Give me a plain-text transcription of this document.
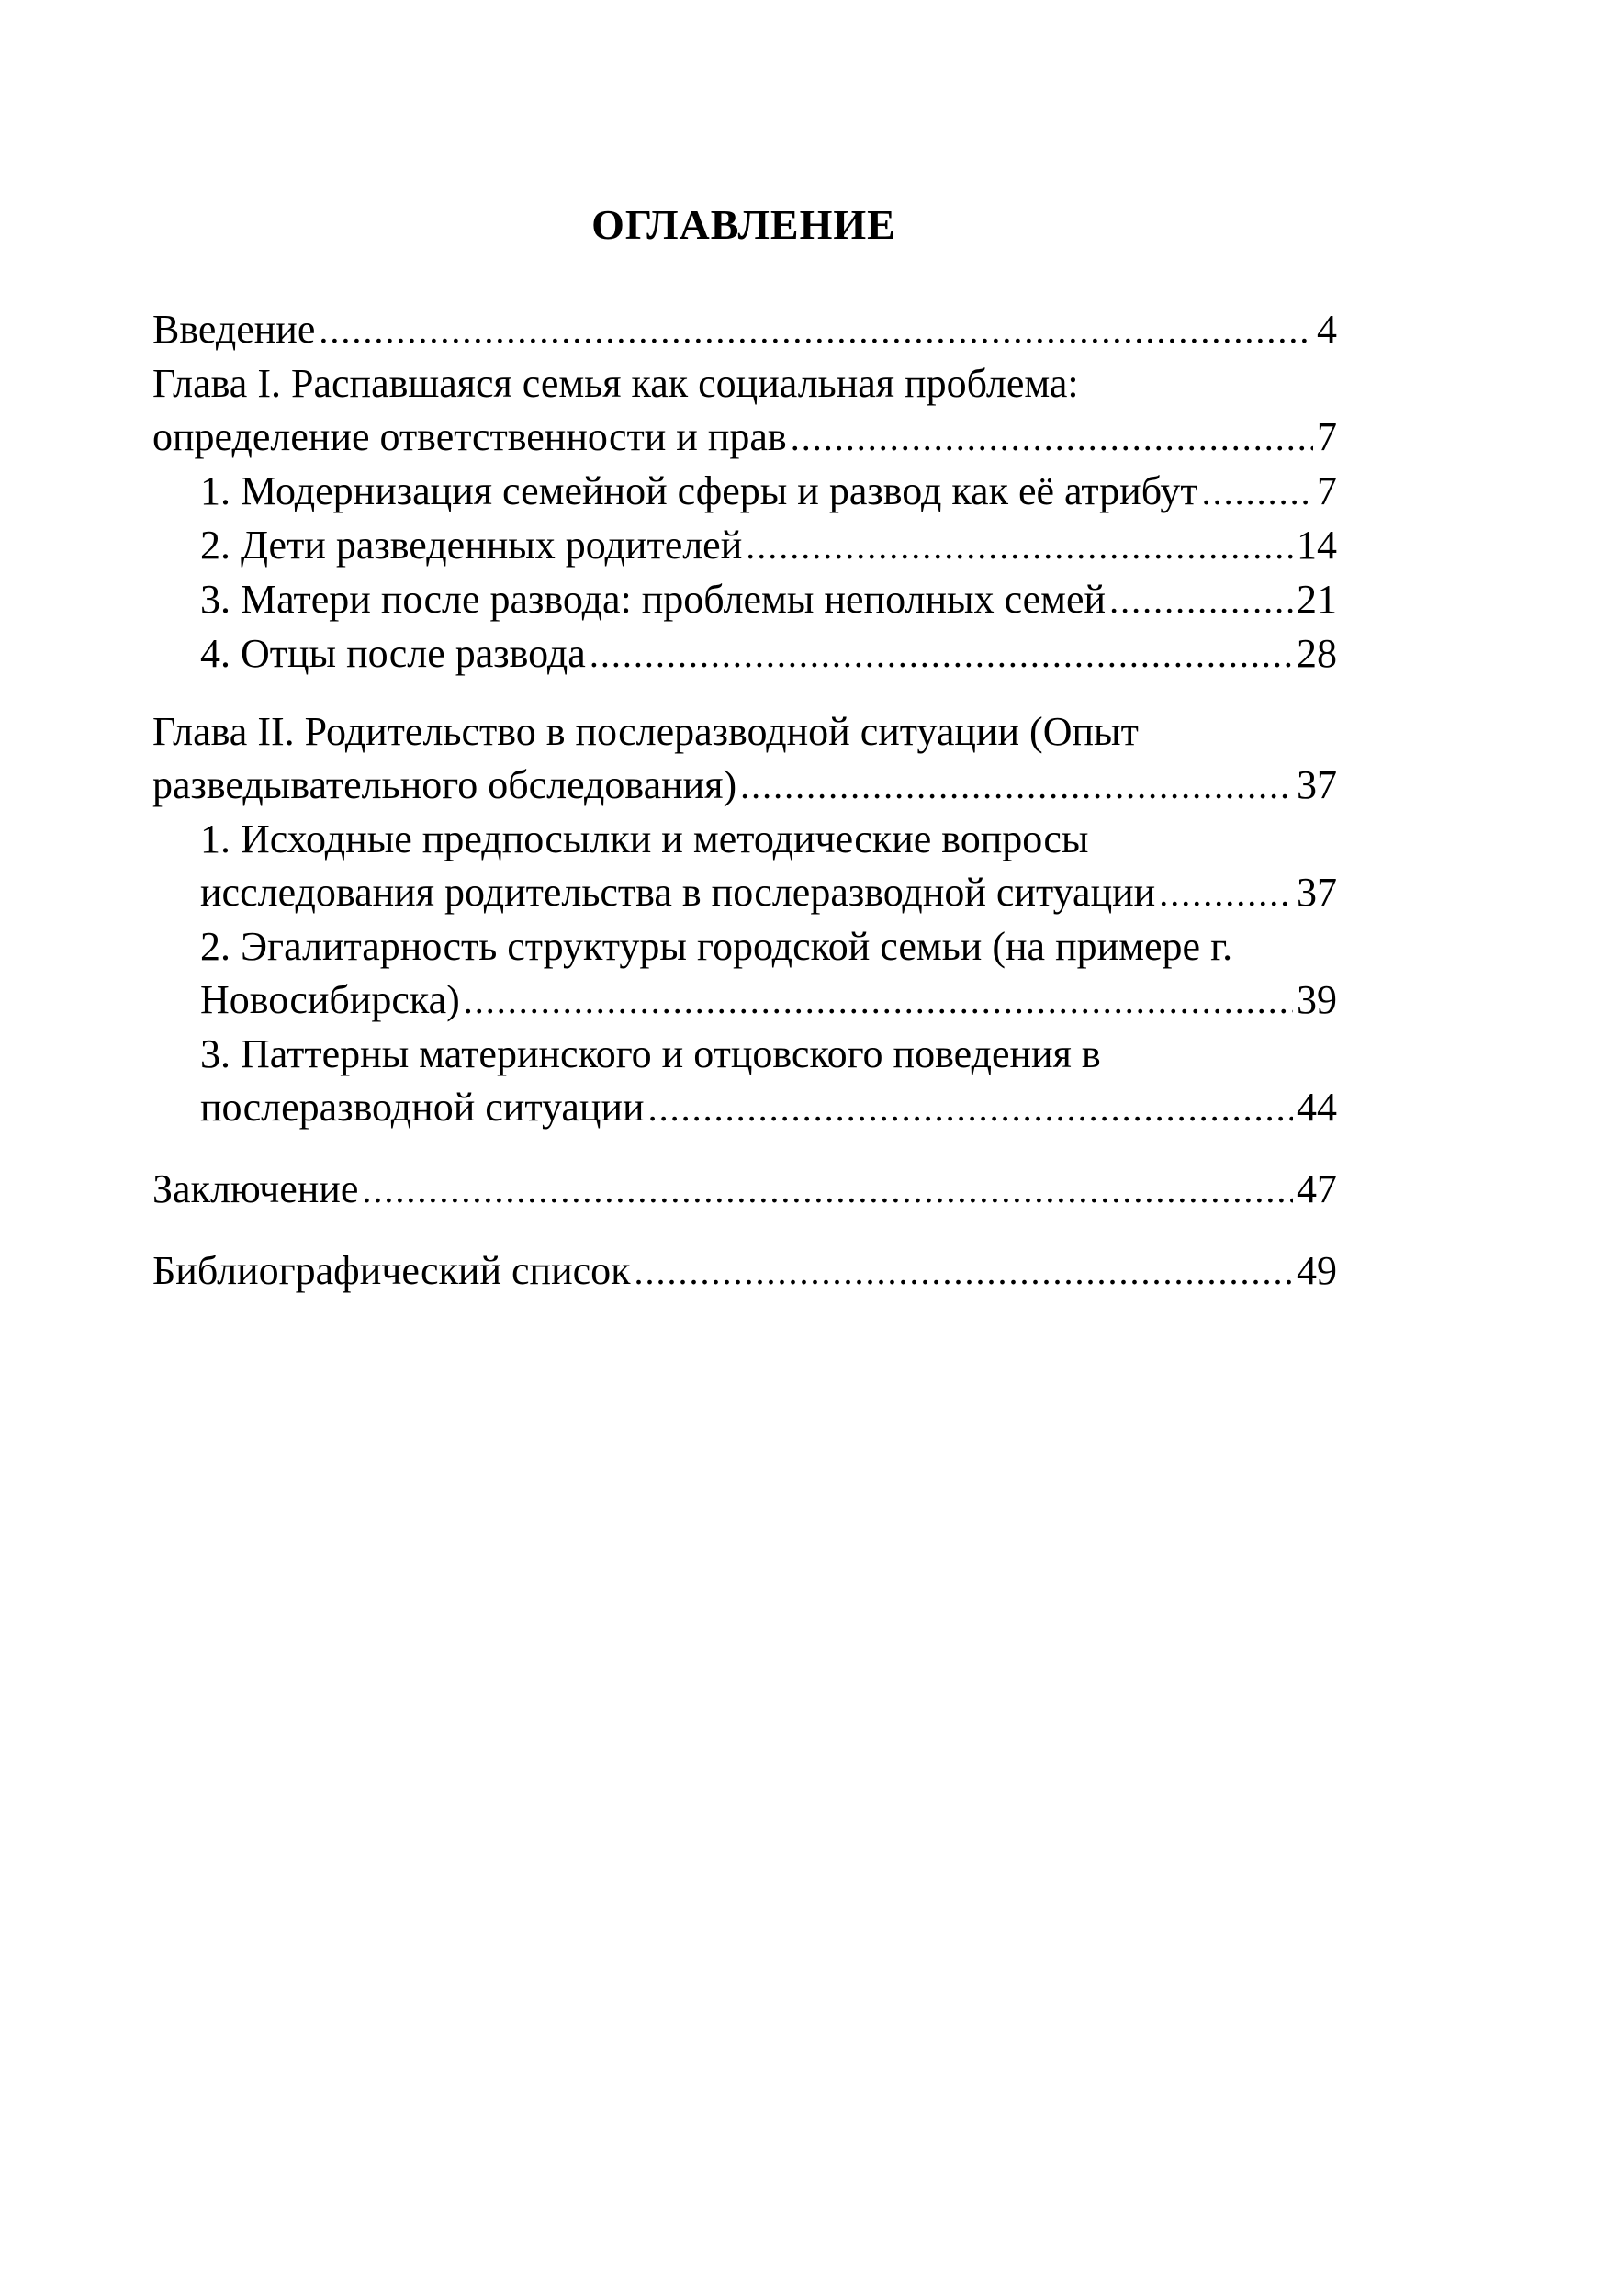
ОГЛАВЛЕНИЕ
Введение .....	4
Глава I. Распавшаяся семья как социальная проблема:
определение ответственности и прав .....	7
1. Модернизация семейной сферы и развод как её атрибут .....	7
2. Дети разведенных родителей .....	14
3. Матери после развода: проблемы неполных семей .....	21
4. Отцы после развода .....	28
Глава II. Родительство в послеразводной ситуации (Опыт
разведывательного обследования) .....	37
1. Исходные предпосылки и методические вопросы
исследования родительства в послеразводной ситуации .....	37
2. Эгалитарность структуры городской семьи (на примере г.
Новосибирска) .....	39
3. Паттерны материнского и отцовского поведения в
послеразводной ситуации .....	44
Заключение .....	47
Библиографический список .....	49
